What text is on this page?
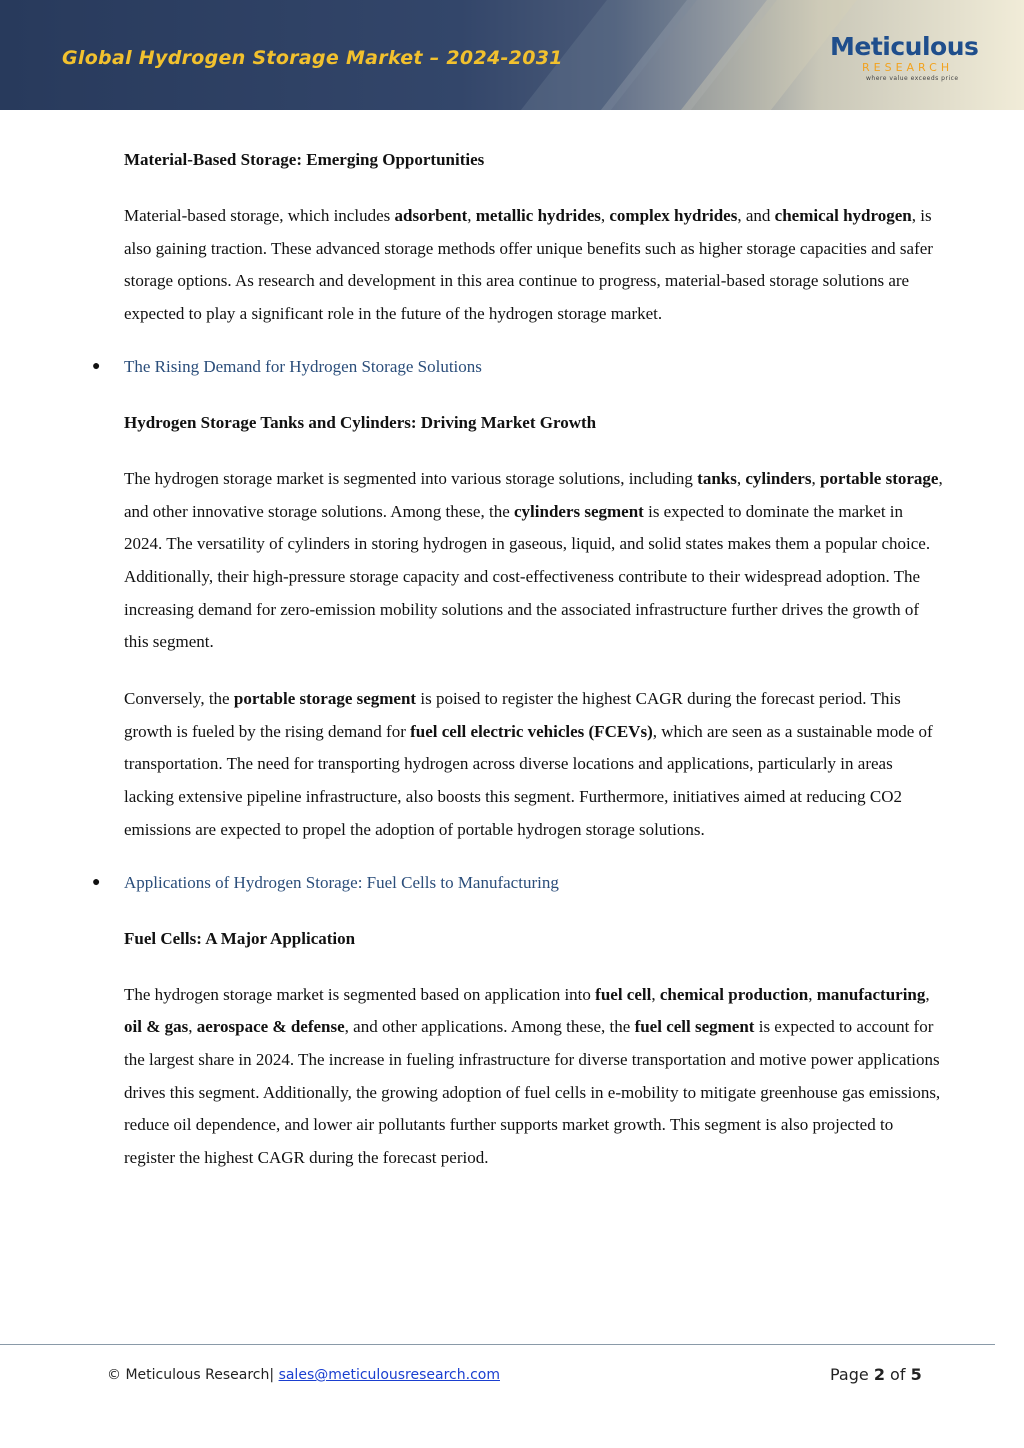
Global Hydrogen Storage Market – 2024-2031	Meticulous
RESEARCH
where value exceeds price
Material-Based Storage: Emerging Opportunities

Material-based storage, which includes adsorbent, metallic hydrides, complex hydrides, and chemical hydrogen, is also gaining traction. These advanced storage methods offer unique benefits such as higher storage capacities and safer storage options. As research and development in this area continue to progress, material-based storage solutions are expected to play a significant role in the future of the hydrogen storage market.

● The Rising Demand for Hydrogen Storage Solutions
Hydrogen Storage Tanks and Cylinders: Driving Market Growth

The hydrogen storage market is segmented into various storage solutions, including tanks, cylinders, portable storage, and other innovative storage solutions. Among these, the cylinders segment is expected to dominate the market in 2024. The versatility of cylinders in storing hydrogen in gaseous, liquid, and solid states makes them a popular choice. Additionally, their high-pressure storage capacity and cost-effectiveness contribute to their widespread adoption. The increasing demand for zero-emission mobility solutions and the associated infrastructure further drives the growth of this segment.

Conversely, the portable storage segment is poised to register the highest CAGR during the forecast period. This growth is fueled by the rising demand for fuel cell electric vehicles (FCEVs), which are seen as a sustainable mode of transportation. The need for transporting hydrogen across diverse locations and applications, particularly in areas lacking extensive pipeline infrastructure, also boosts this segment. Furthermore, initiatives aimed at reducing CO2 emissions are expected to propel the adoption of portable hydrogen storage solutions.

● Applications of Hydrogen Storage: Fuel Cells to Manufacturing
Fuel Cells: A Major Application

The hydrogen storage market is segmented based on application into fuel cell, chemical production, manufacturing, oil & gas, aerospace & defense, and other applications. Among these, the fuel cell segment is expected to account for the largest share in 2024. The increase in fueling infrastructure for diverse transportation and motive power applications drives this segment. Additionally, the growing adoption of fuel cells in e-mobility to mitigate greenhouse gas emissions, reduce oil dependence, and lower air pollutants further supports market growth. This segment is also projected to register the highest CAGR during the forecast period.

© Meticulous Research| sales@meticulousresearch.com	Page 2 of 5
